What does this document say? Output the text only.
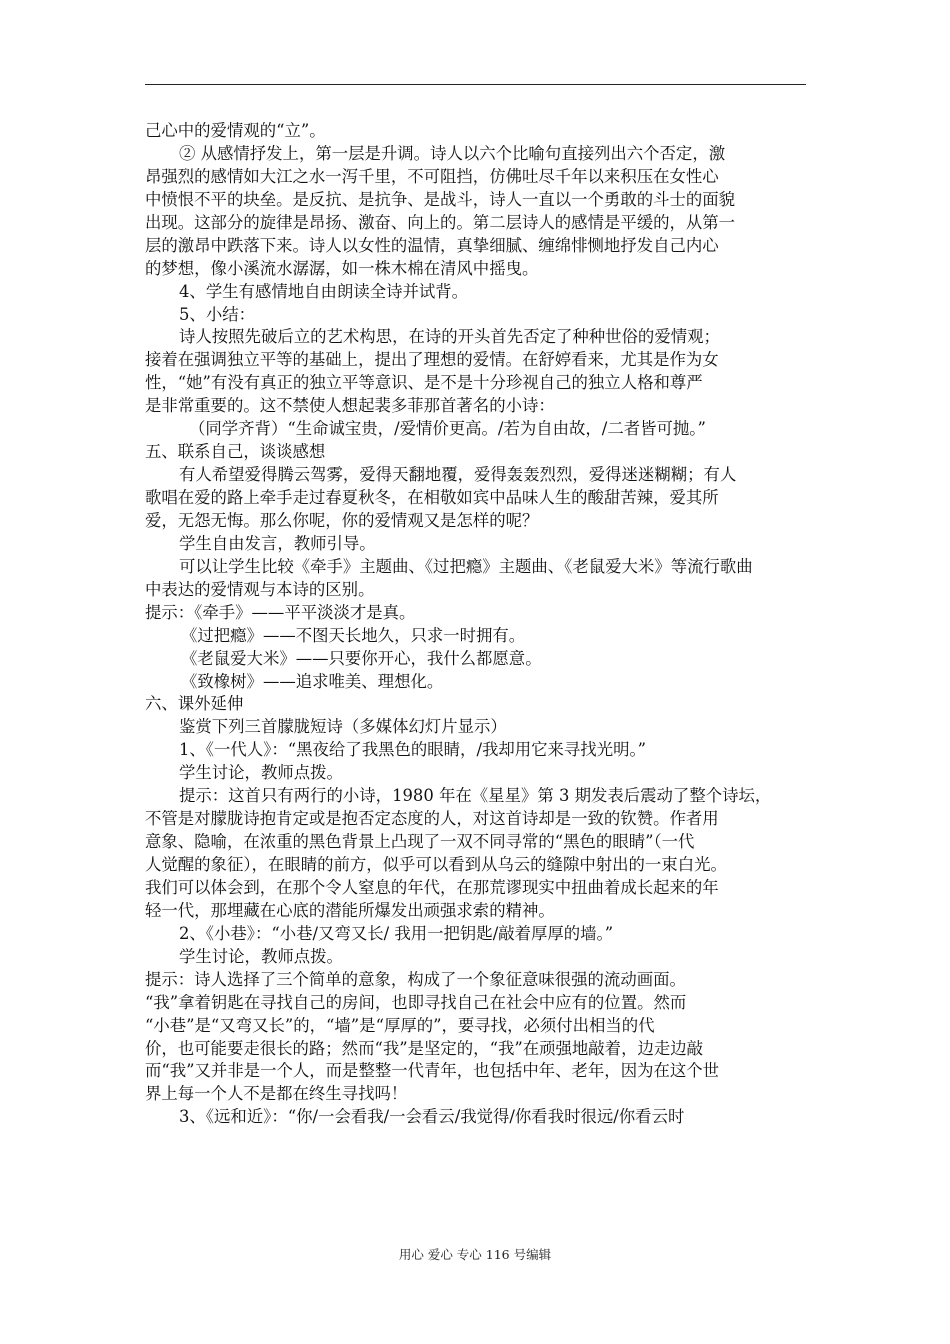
己心中的爱情观的“立”。
② 从感情抒发上，第一层是升调。诗人以六个比喻句直接列出六个否定，激
昂强烈的感情如大江之水一泻千里，不可阻挡，仿佛吐尽千年以来积压在女性心
中愤恨不平的块垒。是反抗、是抗争、是战斗，诗人一直以一个勇敢的斗士的面貌
出现。这部分的旋律是昂扬、激奋、向上的。第二层诗人的感情是平缓的，从第一
层的激昂中跌落下来。诗人以女性的温情，真挚细腻、缠绵悱恻地抒发自己内心
的梦想，像小溪流水潺潺，如一株木棉在清风中摇曳。
4、学生有感情地自由朗读全诗并试背。
5、小结：
诗人按照先破后立的艺术构思，在诗的开头首先否定了种种世俗的爱情观；
接着在强调独立平等的基础上，提出了理想的爱情。在舒婷看来，尤其是作为女
性，“她”有没有真正的独立平等意识、是不是十分珍视自己的独立人格和尊严
是非常重要的。这不禁使人想起裴多菲那首著名的小诗：
（同学齐背）“生命诚宝贵，/爱情价更高。/若为自由故，/二者皆可抛。”
五、联系自己，谈谈感想
有人希望爱得腾云驾雾，爱得天翻地覆，爱得轰轰烈烈，爱得迷迷糊糊；有人
歌唱在爱的路上牵手走过春夏秋冬，在相敬如宾中品味人生的酸甜苦辣，爱其所
爱，无怨无悔。那么你呢，你的爱情观又是怎样的呢？
学生自由发言，教师引导。
可以让学生比较《牵手》主题曲、《过把瘾》主题曲、《老鼠爱大米》等流行歌曲
中表达的爱情观与本诗的区别。
提示：《牵手》——平平淡淡才是真。
《过把瘾》——不图天长地久，只求一时拥有。
《老鼠爱大米》——只要你开心，我什么都愿意。
《致橡树》——追求唯美、理想化。
六、课外延伸
鉴赏下列三首朦胧短诗（多媒体幻灯片显示）
1、《一代人》：“黑夜给了我黑色的眼睛，/我却用它来寻找光明。”
学生讨论，教师点拨。
提示：这首只有两行的小诗，1980 年在《星星》第 3 期发表后震动了整个诗坛，
不管是对朦胧诗抱肯定或是抱否定态度的人，对这首诗却是一致的钦赞。作者用
意象、隐喻，在浓重的黑色背景上凸现了一双不同寻常的“黑色的眼睛”（一代
人觉醒的象征），在眼睛的前方，似乎可以看到从乌云的缝隙中射出的一束白光。
我们可以体会到，在那个令人窒息的年代，在那荒谬现实中扭曲着成长起来的年
轻一代，那埋藏在心底的潜能所爆发出顽强求索的精神。
2、《小巷》：“小巷/又弯又长/ 我用一把钥匙/敲着厚厚的墙。”
学生讨论，教师点拨。
提示：诗人选择了三个简单的意象，构成了一个象征意味很强的流动画面。
“我”拿着钥匙在寻找自己的房间，也即寻找自己在社会中应有的位置。然而
“小巷”是“又弯又长”的，“墙”是“厚厚的”，要寻找，必须付出相当的代
价，也可能要走很长的路；然而“我”是坚定的，“我”在顽强地敲着，边走边敲
而“我”又并非是一个人，而是整整一代青年，也包括中年、老年，因为在这个世
界上每一个人不是都在终生寻找吗！
3、《远和近》：“你/一会看我/一会看云/我觉得/你看我时很远/你看云时
用心 爱心 专心 116 号编辑
